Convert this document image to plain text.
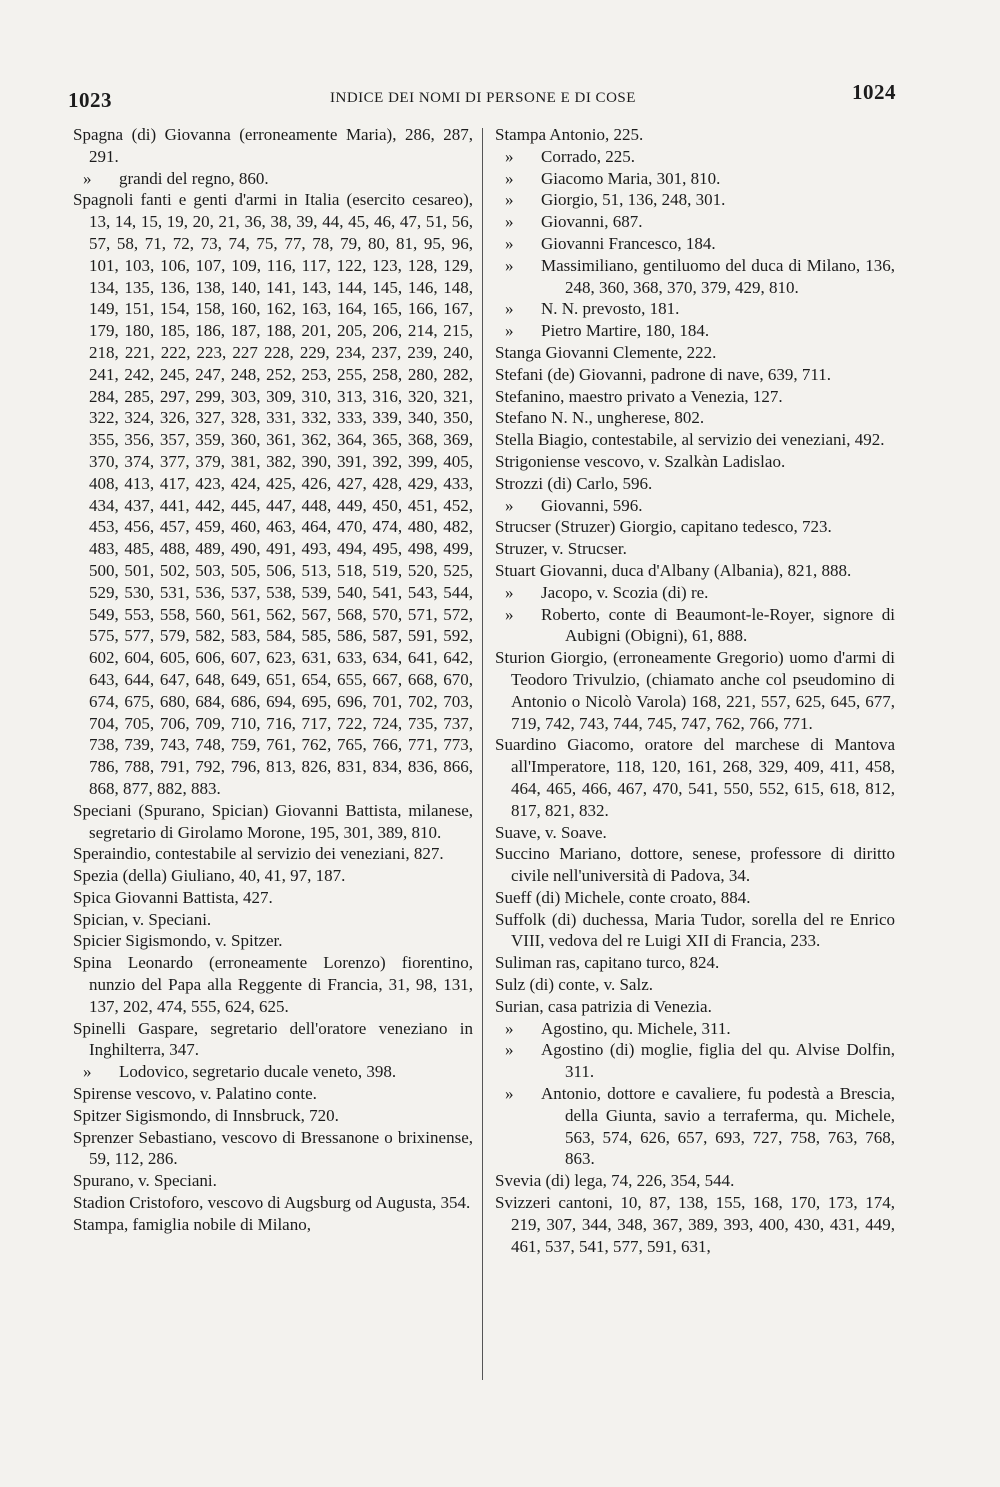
1023	INDICE DEI NOMI DI PERSONE E DI COSE	1024
Spagna (di) Giovanna (erroneamente Maria), 286, 287, 291.
» grandi del regno, 860.
Spagnoli fanti e genti d'armi in Italia (esercito cesareo), 13, 14, 15, 19, 20, 21, 36, 38, 39, 44, 45, 46, 47, 51, 56, 57, 58, 71, 72, 73, 74, 75, 77, 78, 79, 80, 81, 95, 96, 101, 103, 106, 107, 109, 116, 117, 122, 123, 128, 129, 134, 135, 136, 138, 140, 141, 143, 144, 145, 146, 148, 149, 151, 154, 158, 160, 162, 163, 164, 165, 166, 167, 179, 180, 185, 186, 187, 188, 201, 205, 206, 214, 215, 218, 221, 222, 223, 227 228, 229, 234, 237, 239, 240, 241, 242, 245, 247, 248, 252, 253, 255, 258, 280, 282, 284, 285, 297, 299, 303, 309, 310, 313, 316, 320, 321, 322, 324, 326, 327, 328, 331, 332, 333, 339, 340, 350, 355, 356, 357, 359, 360, 361, 362, 364, 365, 368, 369, 370, 374, 377, 379, 381, 382, 390, 391, 392, 399, 405, 408, 413, 417, 423, 424, 425, 426, 427, 428, 429, 433, 434, 437, 441, 442, 445, 447, 448, 449, 450, 451, 452, 453, 456, 457, 459, 460, 463, 464, 470, 474, 480, 482, 483, 485, 488, 489, 490, 491, 493, 494, 495, 498, 499, 500, 501, 502, 503, 505, 506, 513, 518, 519, 520, 525, 529, 530, 531, 536, 537, 538, 539, 540, 541, 543, 544, 549, 553, 558, 560, 561, 562, 567, 568, 570, 571, 572, 575, 577, 579, 582, 583, 584, 585, 586, 587, 591, 592, 602, 604, 605, 606, 607, 623, 631, 633, 634, 641, 642, 643, 644, 647, 648, 649, 651, 654, 655, 667, 668, 670, 674, 675, 680, 684, 686, 694, 695, 696, 701, 702, 703, 704, 705, 706, 709, 710, 716, 717, 722, 724, 735, 737, 738, 739, 743, 748, 759, 761, 762, 765, 766, 771, 773, 786, 788, 791, 792, 796, 813, 826, 831, 834, 836, 866, 868, 877, 882, 883.
Speciani (Spurano, Spician) Giovanni Battista, milanese, segretario di Girolamo Morone, 195, 301, 389, 810.
Speraindio, contestabile al servizio dei veneziani, 827.
Spezia (della) Giuliano, 40, 41, 97, 187.
Spica Giovanni Battista, 427.
Spician, v. Speciani.
Spicier Sigismondo, v. Spitzer.
Spina Leonardo (erroneamente Lorenzo) fiorentino, nunzio del Papa alla Reggente di Francia, 31, 98, 131, 137, 202, 474, 555, 624, 625.
Spinelli Gaspare, segretario dell'oratore veneziano in Inghilterra, 347.
» Lodovico, segretario ducale veneto, 398.
Spirense vescovo, v. Palatino conte.
Spitzer Sigismondo, di Innsbruck, 720.
Sprenzer Sebastiano, vescovo di Bressanone o brixinense, 59, 112, 286.
Spurano, v. Speciani.
Stadion Cristoforo, vescovo di Augsburg od Augusta, 354.
Stampa, famiglia nobile di Milano,
Stampa Antonio, 225.
» Corrado, 225.
» Giacomo Maria, 301, 810.
» Giorgio, 51, 136, 248, 301.
» Giovanni, 687.
» Giovanni Francesco, 184.
» Massimiliano, gentiluomo del duca di Milano, 136, 248, 360, 368, 370, 379, 429, 810.
» N. N. prevosto, 181.
» Pietro Martire, 180, 184.
Stanga Giovanni Clemente, 222.
Stefani (de) Giovanni, padrone di nave, 639, 711.
Stefanino, maestro privato a Venezia, 127.
Stefano N. N., ungherese, 802.
Stella Biagio, contestabile, al servizio dei veneziani, 492.
Strigoniense vescovo, v. Szalkàn Ladislao.
Strozzi (di) Carlo, 596.
» Giovanni, 596.
Strucser (Struzer) Giorgio, capitano tedesco, 723.
Struzer, v. Strucser.
Stuart Giovanni, duca d'Albany (Albania), 821, 888.
» Jacopo, v. Scozia (di) re.
» Roberto, conte di Beaumont-le-Royer, signore di Aubigni (Obigni), 61, 888.
Sturion Giorgio, (erroneamente Gregorio) uomo d'armi di Teodoro Trivulzio, (chiamato anche col pseudomino di Antonio o Nicolò Varola) 168, 221, 557, 625, 645, 677, 719, 742, 743, 744, 745, 747, 762, 766, 771.
Suardino Giacomo, oratore del marchese di Mantova all'Imperatore, 118, 120, 161, 268, 329, 409, 411, 458, 464, 465, 466, 467, 470, 541, 550, 552, 615, 618, 812, 817, 821, 832.
Suave, v. Soave.
Succino Mariano, dottore, senese, professore di diritto civile nell'università di Padova, 34.
Sueff (di) Michele, conte croato, 884.
Suffolk (di) duchessa, Maria Tudor, sorella del re Enrico VIII, vedova del re Luigi XII di Francia, 233.
Suliman ras, capitano turco, 824.
Sulz (di) conte, v. Salz.
Surian, casa patrizia di Venezia.
» Agostino, qu. Michele, 311.
» Agostino (di) moglie, figlia del qu. Alvise Dolfin, 311.
» Antonio, dottore e cavaliere, fu podestà a Brescia, della Giunta, savio a terraferma, qu. Michele, 563, 574, 626, 657, 693, 727, 758, 763, 768, 863.
Svevia (di) lega, 74, 226, 354, 544.
Svizzeri cantoni, 10, 87, 138, 155, 168, 170, 173, 174, 219, 307, 344, 348, 367, 389, 393, 400, 430, 431, 449, 461, 537, 541, 577, 591, 631,
